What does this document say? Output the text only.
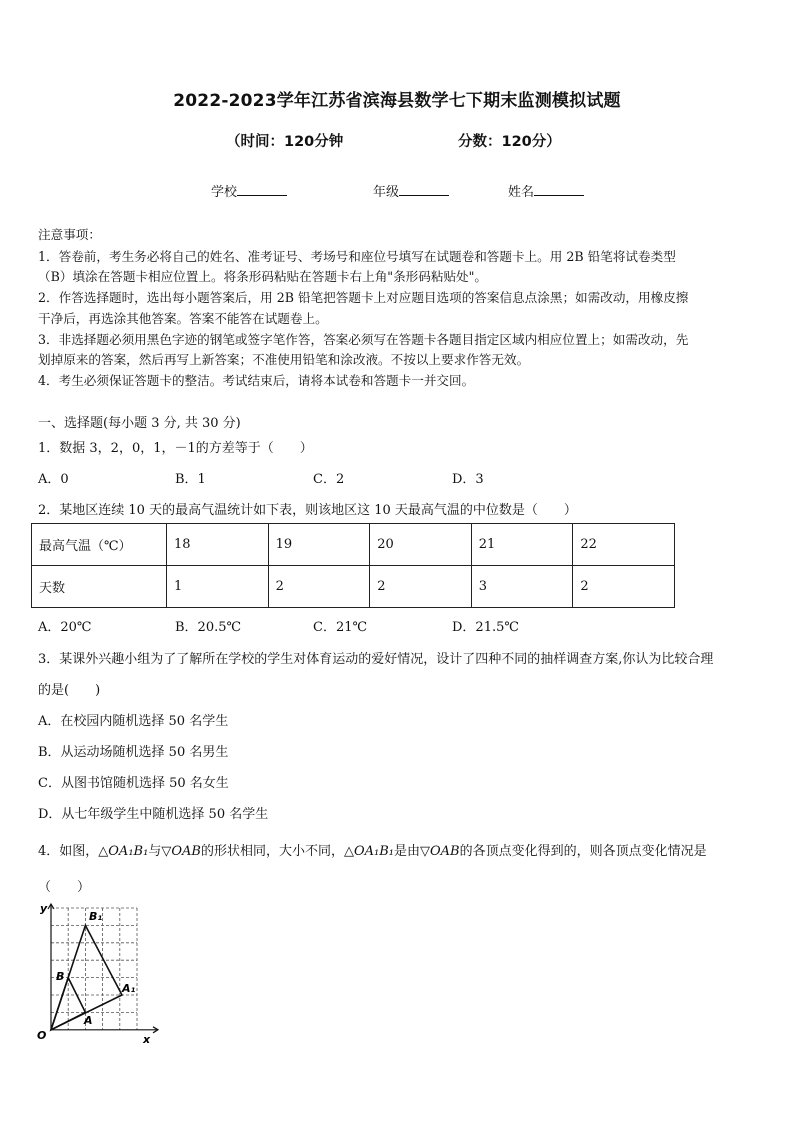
2022-2023学年江苏省滨海县数学七下期末监测模拟试题
（时间：120分钟	分数：120分）
学校	年级	姓名
注意事项：
1．答卷前，考生务必将自己的姓名、准考证号、考场号和座位号填写在试题卷和答题卡上。用 2B 铅笔将试卷类型
（B）填涂在答题卡相应位置上。将条形码粘贴在答题卡右上角"条形码粘贴处"。
2．作答选择题时，选出每小题答案后，用 2B 铅笔把答题卡上对应题目选项的答案信息点涂黑；如需改动，用橡皮擦
干净后，再选涂其他答案。答案不能答在试题卷上。
3．非选择题必须用黑色字迹的钢笔或签字笔作答，答案必须写在答题卡各题目指定区域内相应位置上；如需改动，先
划掉原来的答案，然后再写上新答案；不准使用铅笔和涂改液。不按以上要求作答无效。
4．考生必须保证答题卡的整洁。考试结束后，请将本试卷和答题卡一并交回。
一、选择题(每小题 3 分, 共 30 分)
1．数据 3，2，0，1，－1的方差等于（　　）
A．0	B．1	C．2	D．3
2．某地区连续 10 天的最高气温统计如下表，则该地区这 10 天最高气温的中位数是（　　）
最高气温（℃）	18	19	20	21	22
天数	1	2	2	3	2
A．20℃	B．20.5℃	C．21℃	D．21.5℃
3．某课外兴趣小组为了了解所在学校的学生对体育运动的爱好情况，设计了四种不同的抽样调查方案,你认为比较合理
的是(　　)
A．在校园内随机选择 50 名学生
B．从运动场随机选择 50 名男生
C．从图书馆随机选择 50 名女生
D．从七年级学生中随机选择 50 名学生
4．如图，△OA₁B₁与▽OAB的形状相同，大小不同，△OA₁B₁是由▽OAB的各顶点变化得到的，则各顶点变化情况是
（　　）
y
x
O
B
A
B₁
A₁
